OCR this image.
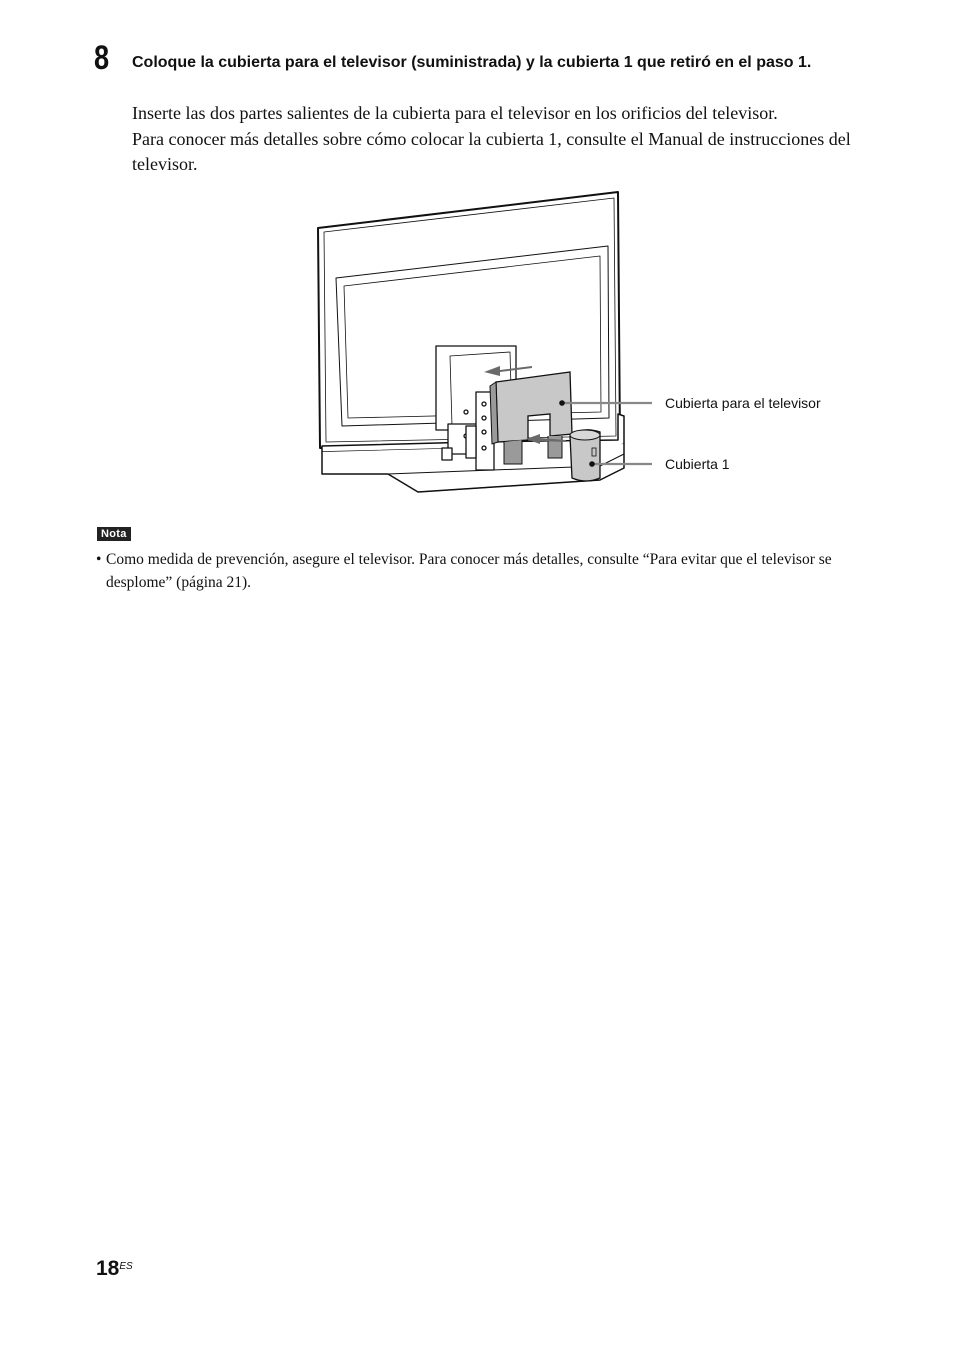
8 Coloque la cubierta para el televisor (suministrada) y la cubierta 1 que retiró en el paso 1.
Inserte las dos partes salientes de la cubierta para el televisor en los orificios del televisor.
Para conocer más detalles sobre cómo colocar la cubierta 1, consulte el Manual de instrucciones del televisor.
Cubierta para el televisor
Cubierta 1
Nota
• Como medida de prevención, asegure el televisor. Para conocer más detalles, consulte “Para evitar que el televisor se desplome” (página 21).
$18^{ES}$
